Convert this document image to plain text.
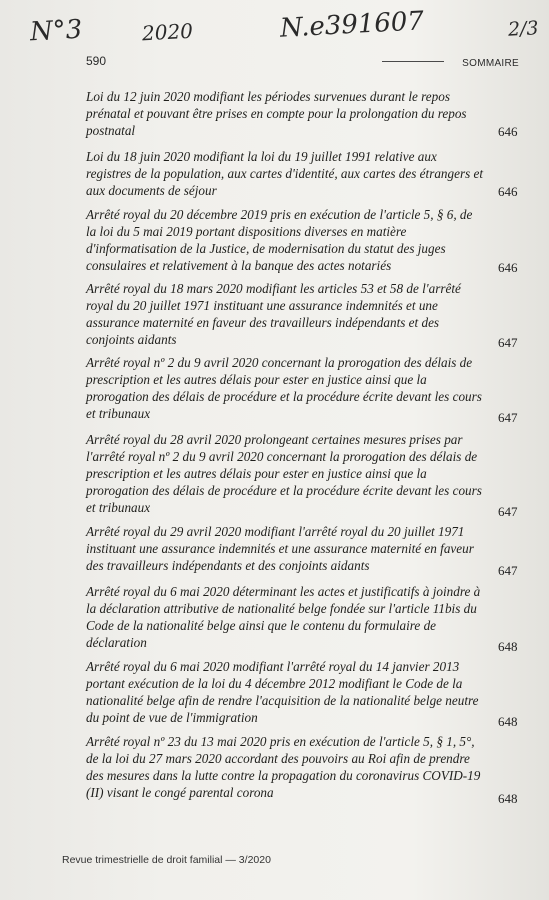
N°3	2020	N.e391607	2/3
590	SOMMAIRE
Loi du 12 juin 2020 modifiant les périodes survenues durant le repos prénatal et pouvant être prises en compte pour la prolongation du repos postnatal	646
Loi du 18 juin 2020 modifiant la loi du 19 juillet 1991 relative aux registres de la population, aux cartes d'identité, aux cartes des étrangers et aux documents de séjour	646
Arrêté royal du 20 décembre 2019 pris en exécution de l'article 5, § 6, de la loi du 5 mai 2019 portant dispositions diverses en matière d'informatisation de la Justice, de modernisation du statut des juges consulaires et relativement à la banque des actes notariés	646
Arrêté royal du 18 mars 2020 modifiant les articles 53 et 58 de l'arrêté royal du 20 juillet 1971 instituant une assurance indemnités et une assurance maternité en faveur des travailleurs indépendants et des conjoints aidants	647
Arrêté royal nº 2 du 9 avril 2020 concernant la prorogation des délais de prescription et les autres délais pour ester en justice ainsi que la prorogation des délais de procédure et la procédure écrite devant les cours et tribunaux	647
Arrêté royal du 28 avril 2020 prolongeant certaines mesures prises par l'arrêté royal nº 2 du 9 avril 2020 concernant la prorogation des délais de prescription et les autres délais pour ester en justice ainsi que la prorogation des délais de procédure et la procédure écrite devant les cours et tribunaux	647
Arrêté royal du 29 avril 2020 modifiant l'arrêté royal du 20 juillet 1971 instituant une assurance indemnités et une assurance maternité en faveur des travailleurs indépendants et des conjoints aidants	647
Arrêté royal du 6 mai 2020 déterminant les actes et justificatifs à joindre à la déclaration attributive de nationalité belge fondée sur l'article 11bis du Code de la nationalité belge ainsi que le contenu du formulaire de déclaration	648
Arrêté royal du 6 mai 2020 modifiant l'arrêté royal du 14 janvier 2013 portant exécution de la loi du 4 décembre 2012 modifiant le Code de la nationalité belge afin de rendre l'acquisition de la nationalité belge neutre du point de vue de l'immigration	648
Arrêté royal nº 23 du 13 mai 2020 pris en exécution de l'article 5, § 1, 5°, de la loi du 27 mars 2020 accordant des pouvoirs au Roi afin de prendre des mesures dans la lutte contre la propagation du coronavirus COVID-19 (II) visant le congé parental corona	648
Revue trimestrielle de droit familial — 3/2020
